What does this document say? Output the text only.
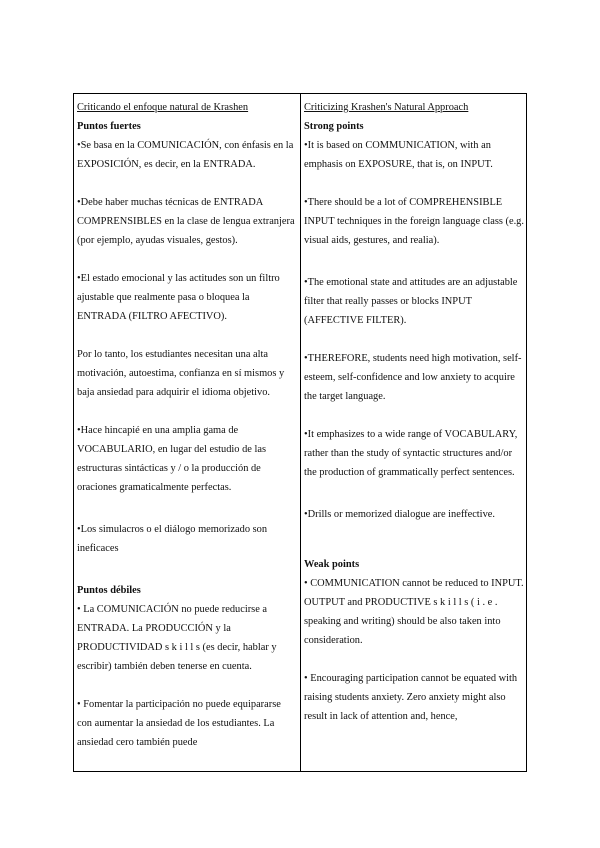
Criticando el enfoque natural de Krashen

Puntos fuertes

•Se basa en la COMUNICACIÓN, con énfasis en la EXPOSICIÓN, es decir, en la ENTRADA.

•Debe haber muchas técnicas de ENTRADA COMPRENSIBLES en la clase de lengua extranjera (por ejemplo, ayudas visuales, gestos).

•El estado emocional y las actitudes son un filtro ajustable que realmente pasa o bloquea la ENTRADA (FILTRO AFECTIVO).

Por lo tanto, los estudiantes necesitan una alta motivación, autoestima, confianza en sí mismos y baja ansiedad para adquirir el idioma objetivo.

•Hace hincapié en una amplia gama de VOCABULARIO, en lugar del estudio de las estructuras sintácticas y / o la producción de oraciones gramaticalmente perfectas.

•Los simulacros o el diálogo memorizado son ineficaces

Puntos débiles

• La COMUNICACIÓN no puede reducirse a ENTRADA. La PRODUCCIÓN y la PRODUCTIVIDAD s k i l l s (es decir, hablar y escribir) también deben tenerse en cuenta.

• Fomentar la participación no puede equipararse con aumentar la ansiedad de los estudiantes. La ansiedad cero también puede

Criticizing Krashen's Natural Approach

Strong points

•It is based on COMMUNICATION, with an emphasis on EXPOSURE, that is, on INPUT.

•There should be a lot of COMPREHENSIBLE INPUT techniques in the foreign language class (e.g. visual aids, gestures, and realia).

•The emotional state and attitudes are an adjustable filter that really passes or blocks INPUT (AFFECTIVE FILTER).

•THEREFORE, students need high motivation, self-esteem, self-confidence and low anxiety to acquire the target language.

•It emphasizes to a wide range of VOCABULARY, rather than the study of syntactic structures and/or the production of grammatically perfect sentences.

•Drills or memorized dialogue are ineffective.

Weak points

• COMMUNICATION cannot be reduced to INPUT. OUTPUT and PRODUCTIVE s k i l l s ( i . e . speaking and writing) should be also taken into consideration.

• Encouraging participation cannot be equated with raising students anxiety. Zero anxiety might also result in lack of attention and, hence,
